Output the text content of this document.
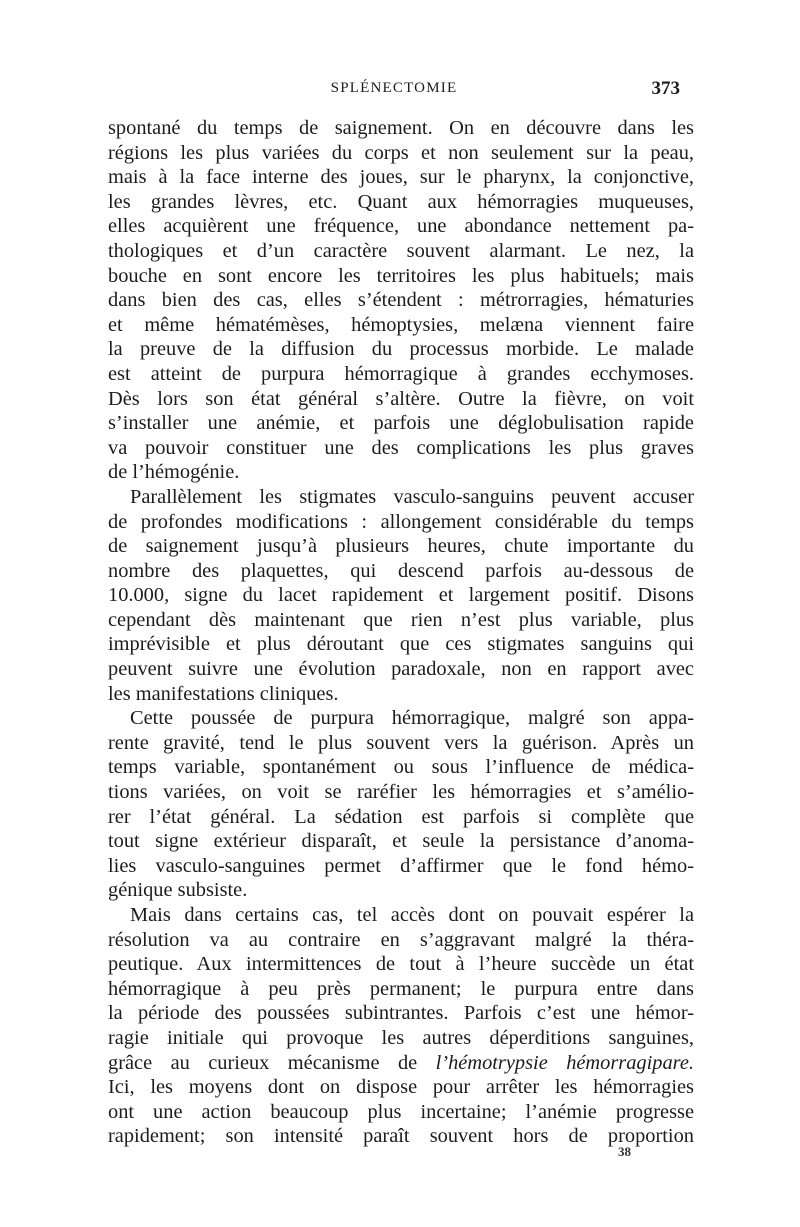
SPLÉNECTOMIE	373
spontané du temps de saignement. On en découvre dans les
régions les plus variées du corps et non seulement sur la peau,
mais à la face interne des joues, sur le pharynx, la conjonctive,
les grandes lèvres, etc. Quant aux hémorragies muqueuses,
elles acquièrent une fréquence, une abondance nettement pa-
thologiques et d’un caractère souvent alarmant. Le nez, la
bouche en sont encore les territoires les plus habituels; mais
dans bien des cas, elles s’étendent : métrorragies, hématuries
et même hématémèses, hémoptysies, melæna viennent faire
la preuve de la diffusion du processus morbide. Le malade
est atteint de purpura hémorragique à grandes ecchymoses.
Dès lors son état général s’altère. Outre la fièvre, on voit
s’installer une anémie, et parfois une déglobulisation rapide
va pouvoir constituer une des complications les plus graves
de l’hémogénie.
Parallèlement les stigmates vasculo-sanguins peuvent accuser
de profondes modifications : allongement considérable du temps
de saignement jusqu’à plusieurs heures, chute importante du
nombre des plaquettes, qui descend parfois au-dessous de
10.000, signe du lacet rapidement et largement positif. Disons
cependant dès maintenant que rien n’est plus variable, plus
imprévisible et plus déroutant que ces stigmates sanguins qui
peuvent suivre une évolution paradoxale, non en rapport avec
les manifestations cliniques.
Cette poussée de purpura hémorragique, malgré son appa-
rente gravité, tend le plus souvent vers la guérison. Après un
temps variable, spontanément ou sous l’influence de médica-
tions variées, on voit se raréfier les hémorragies et s’amélio-
rer l’état général. La sédation est parfois si complète que
tout signe extérieur disparaît, et seule la persistance d’anoma-
lies vasculo-sanguines permet d’affirmer que le fond hémo-
génique subsiste.
Mais dans certains cas, tel accès dont on pouvait espérer la
résolution va au contraire en s’aggravant malgré la théra-
peutique. Aux intermittences de tout à l’heure succède un état
hémorragique à peu près permanent; le purpura entre dans
la période des poussées subintrantes. Parfois c’est une hémor-
ragie initiale qui provoque les autres déperditions sanguines,
grâce au curieux mécanisme de l’hémotrypsie hémorragipare.
Ici, les moyens dont on dispose pour arrêter les hémorragies
ont une action beaucoup plus incertaine; l’anémie progresse
rapidement; son intensité paraît souvent hors de proportion
38
